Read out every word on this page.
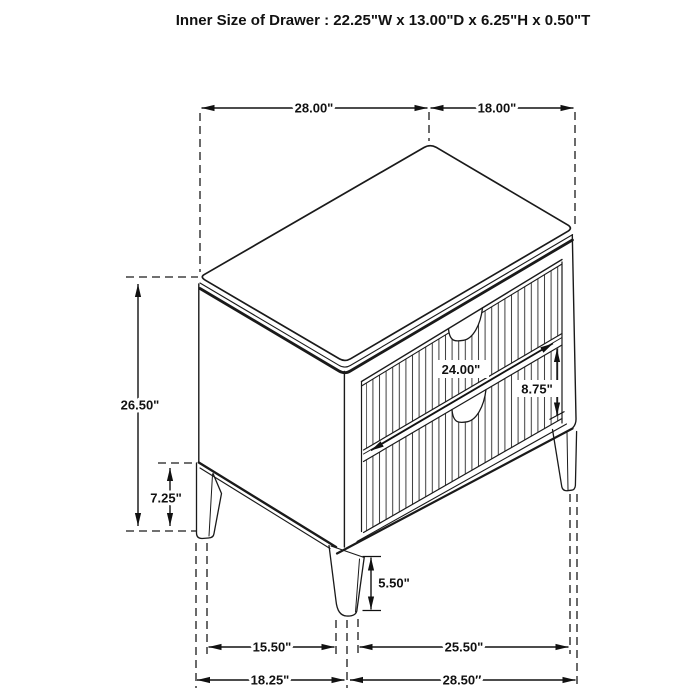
28.00"	18.00"
26.50"
7.25"
24.00"
8.75"
5.50"
15.50"	25.50"
18.25"	28.50″
Inner Size of Drawer : 22.25"W x 13.00"D x 6.25"H x 0.50"T
